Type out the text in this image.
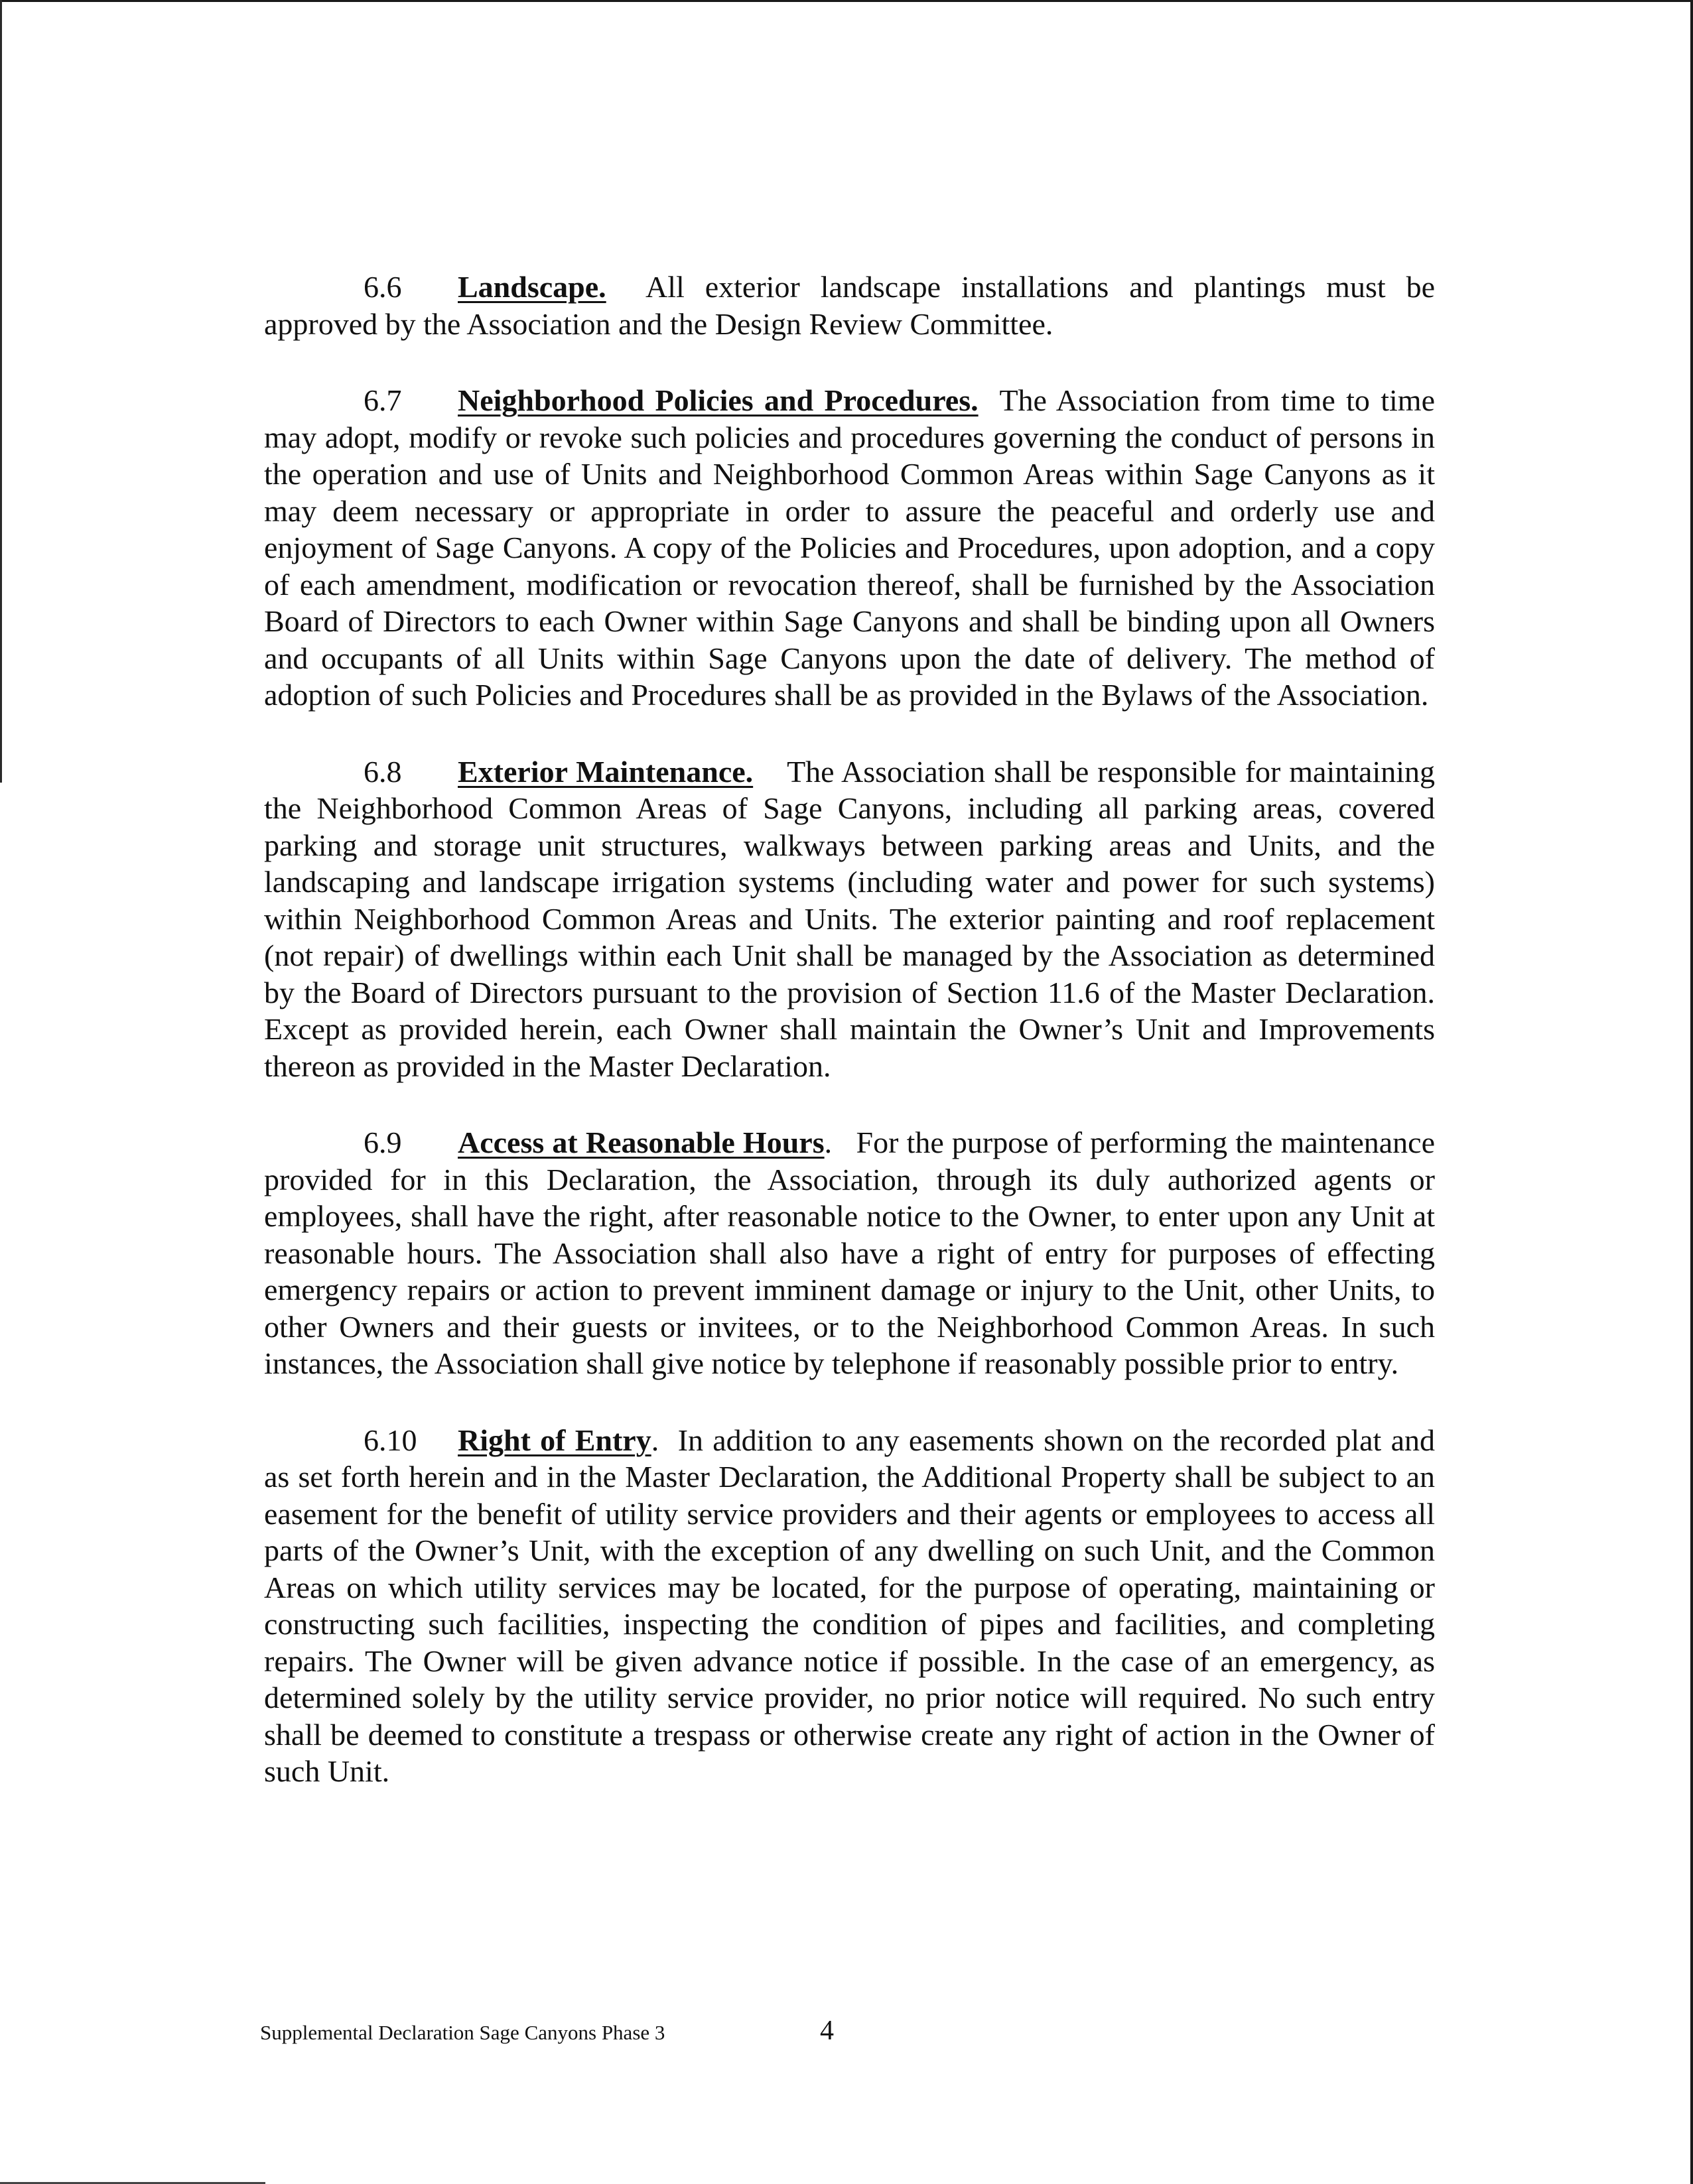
6.6 Landscape. All exterior landscape installations and plantings must be approved by the Association and the Design Review Committee.

6.7 Neighborhood Policies and Procedures. The Association from time to time may adopt, modify or revoke such policies and procedures governing the conduct of persons in the operation and use of Units and Neighborhood Common Areas within Sage Canyons as it may deem necessary or appropriate in order to assure the peaceful and orderly use and enjoyment of Sage Canyons. A copy of the Policies and Procedures, upon adoption, and a copy of each amendment, modification or revocation thereof, shall be furnished by the Association Board of Directors to each Owner within Sage Canyons and shall be binding upon all Owners and occupants of all Units within Sage Canyons upon the date of delivery. The method of adoption of such Policies and Procedures shall be as provided in the Bylaws of the Association.

6.8 Exterior Maintenance. The Association shall be responsible for maintaining the Neighborhood Common Areas of Sage Canyons, including all parking areas, covered parking and storage unit structures, walkways between parking areas and Units, and the landscaping and landscape irrigation systems (including water and power for such systems) within Neighborhood Common Areas and Units. The exterior painting and roof replacement (not repair) of dwellings within each Unit shall be managed by the Association as determined by the Board of Directors pursuant to the provision of Section 11.6 of the Master Declaration. Except as provided herein, each Owner shall maintain the Owner’s Unit and Improvements thereon as provided in the Master Declaration.

6.9 Access at Reasonable Hours.   For the purpose of performing the maintenance provided for in this Declaration, the Association, through its duly authorized agents or employees, shall have the right, after reasonable notice to the Owner, to enter upon any Unit at reasonable hours. The Association shall also have a right of entry for purposes of effecting emergency repairs or action to prevent imminent damage or injury to the Unit, other Units, to other Owners and their guests or invitees, or to the Neighborhood Common Areas. In such instances, the Association shall give notice by telephone if reasonably possible prior to entry.

6.10 Right of Entry.  In addition to any easements shown on the recorded plat and as set forth herein and in the Master Declaration, the Additional Property shall be subject to an easement for the benefit of utility service providers and their agents or employees to access all parts of the Owner’s Unit, with the exception of any dwelling on such Unit, and the Common Areas on which utility services may be located, for the purpose of operating, maintaining or constructing such facilities, inspecting the condition of pipes and facilities, and completing repairs. The Owner will be given advance notice if possible. In the case of an emergency, as determined solely by the utility service provider, no prior notice will required. No such entry shall be deemed to constitute a trespass or otherwise create any right of action in the Owner of such Unit.

Supplemental Declaration Sage Canyons Phase 3	4
